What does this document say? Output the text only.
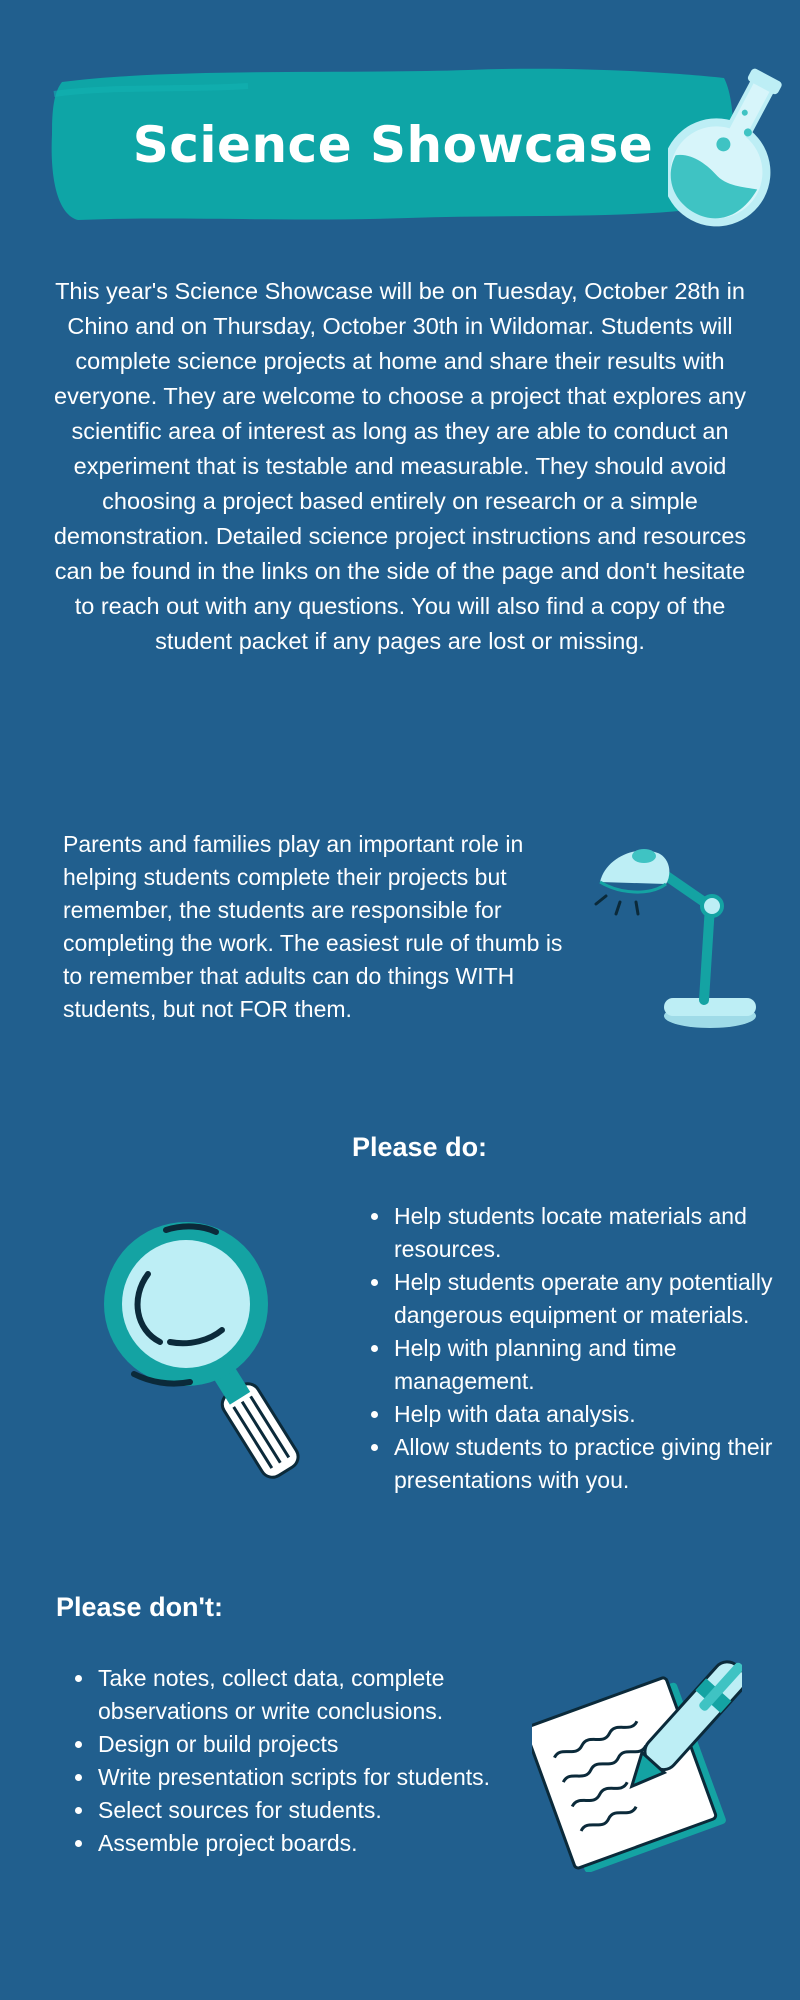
Science Showcase

This year's Science Showcase will be on Tuesday, October 28th in Chino and on Thursday, October 30th in Wildomar. Students will complete science projects at home and share their results with everyone. They are welcome to choose a project that explores any scientific area of interest as long as they are able to conduct an experiment that is testable and measurable. They should avoid choosing a project based entirely on research or a simple demonstration. Detailed science project instructions and resources can be found in the links on the side of the page and don't hesitate to reach out with any questions. You will also find a copy of the student packet if any pages are lost or missing.

Parents and families play an important role in helping students complete their projects but remember, the students are responsible for completing the work. The easiest rule of thumb is to remember that adults can do things WITH students, but not FOR them.

Please do:
• Help students locate materials and resources.
• Help students operate any potentially dangerous equipment or materials.
• Help with planning and time management.
• Help with data analysis.
• Allow students to practice giving their presentations with you.
Please don't:
• Take notes, collect data, complete observations or write conclusions.
• Design or build projects
• Write presentation scripts for students.
• Select sources for students.
• Assemble project boards.
